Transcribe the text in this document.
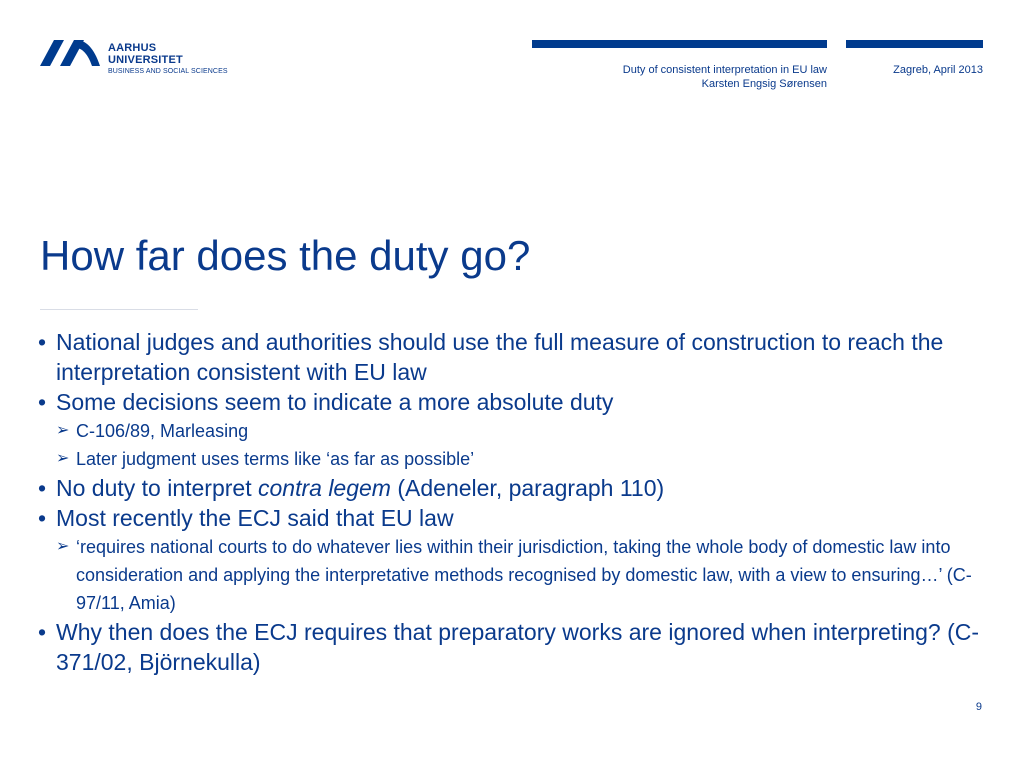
AARHUS
UNIVERSITET
BUSINESS AND SOCIAL SCIENCES	Duty of consistent interpretation in EU law
Karsten Engsig Sørensen
Zagreb, April 2013
How far does the duty go?
• National judges and authorities should use the full measure of construction to reach the interpretation consistent with EU law
• Some decisions seem to indicate a more absolute duty
➢ C-106/89, Marleasing
➢ Later judgment uses terms like ‘as far as possible’
• No duty to interpret contra legem (Adeneler, paragraph 110)
• Most recently the ECJ said that EU law
➢ ‘requires national courts to do whatever lies within their jurisdiction, taking the whole body of domestic law into consideration and applying the interpretative methods recognised by domestic law, with a view to ensuring…’ (C-97/11, Amia)
• Why then does the ECJ requires that preparatory works are ignored when interpreting? (C-371/02, Björnekulla)
9
